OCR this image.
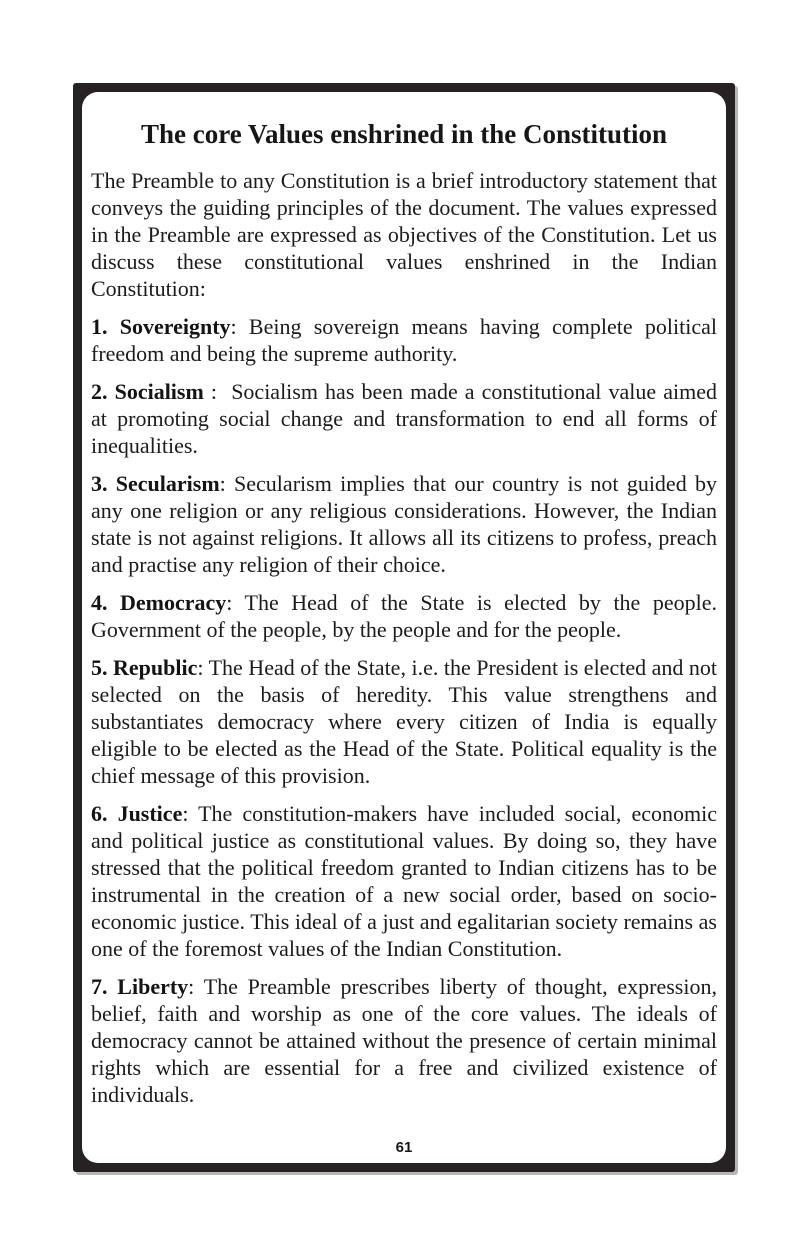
The core Values enshrined in the Constitution

The Preamble to any Constitution is a brief introductory statement that conveys the guiding principles of the document. The values expressed in the Preamble are expressed as objectives of the Constitution. Let us discuss these constitutional values enshrined in the Indian Constitution:

1. Sovereignty: Being sovereign means having complete political freedom and being the supreme authority.

2. Socialism :  Socialism has been made a constitutional value aimed at promoting social change and transformation to end all forms of inequalities.

3. Secularism: Secularism implies that our country is not guided by any one religion or any religious considerations. However, the Indian state is not against religions. It allows all its citizens to profess, preach and practise any religion of their choice.

4. Democracy: The Head of the State is elected by the people. Government of the people, by the people and for the people.

5. Republic: The Head of the State, i.e. the President is elected and not selected on the basis of heredity. This value strengthens and substantiates democracy where every citizen of India is equally eligible to be elected as the Head of the State. Political equality is the chief message of this provision.

6. Justice: The constitution-makers have included social, economic and political justice as constitutional values. By doing so, they have stressed that the political freedom granted to Indian citizens has to be instrumental in the creation of a new social order, based on socio-economic justice. This ideal of a just and egalitarian society remains as one of the foremost values of the Indian Constitution.

7. Liberty: The Preamble prescribes liberty of thought, expression, belief, faith and worship as one of the core values. The ideals of democracy cannot be attained without the presence of certain minimal rights which are essential for a free and civilized existence of individuals.

61
